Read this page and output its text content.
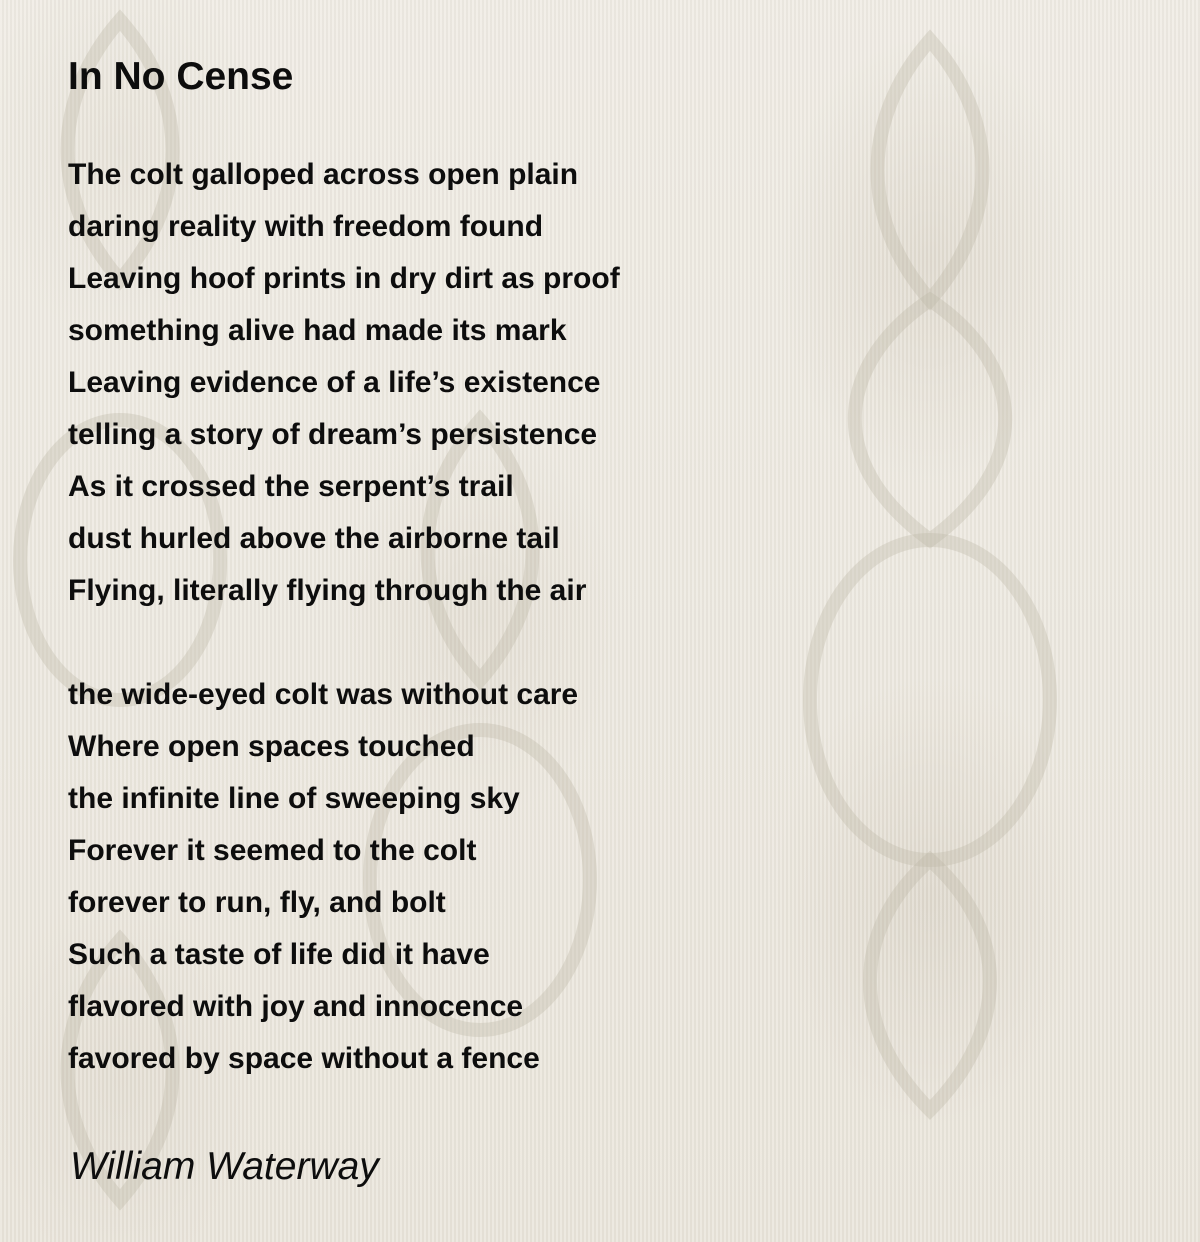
In No Cense
The colt galloped across open plain
daring reality with freedom found
Leaving hoof prints in dry dirt as proof
something alive had made its mark
Leaving evidence of a life’s existence
telling a story of dream’s persistence
As it crossed the serpent’s trail
dust hurled above the airborne tail
Flying, literally flying through the air
the wide-eyed colt was without care
Where open spaces touched
the infinite line of sweeping sky
Forever it seemed to the colt
forever to run, fly, and bolt
Such a taste of life did it have
flavored with joy and innocence
favored by space without a fence
William Waterway
